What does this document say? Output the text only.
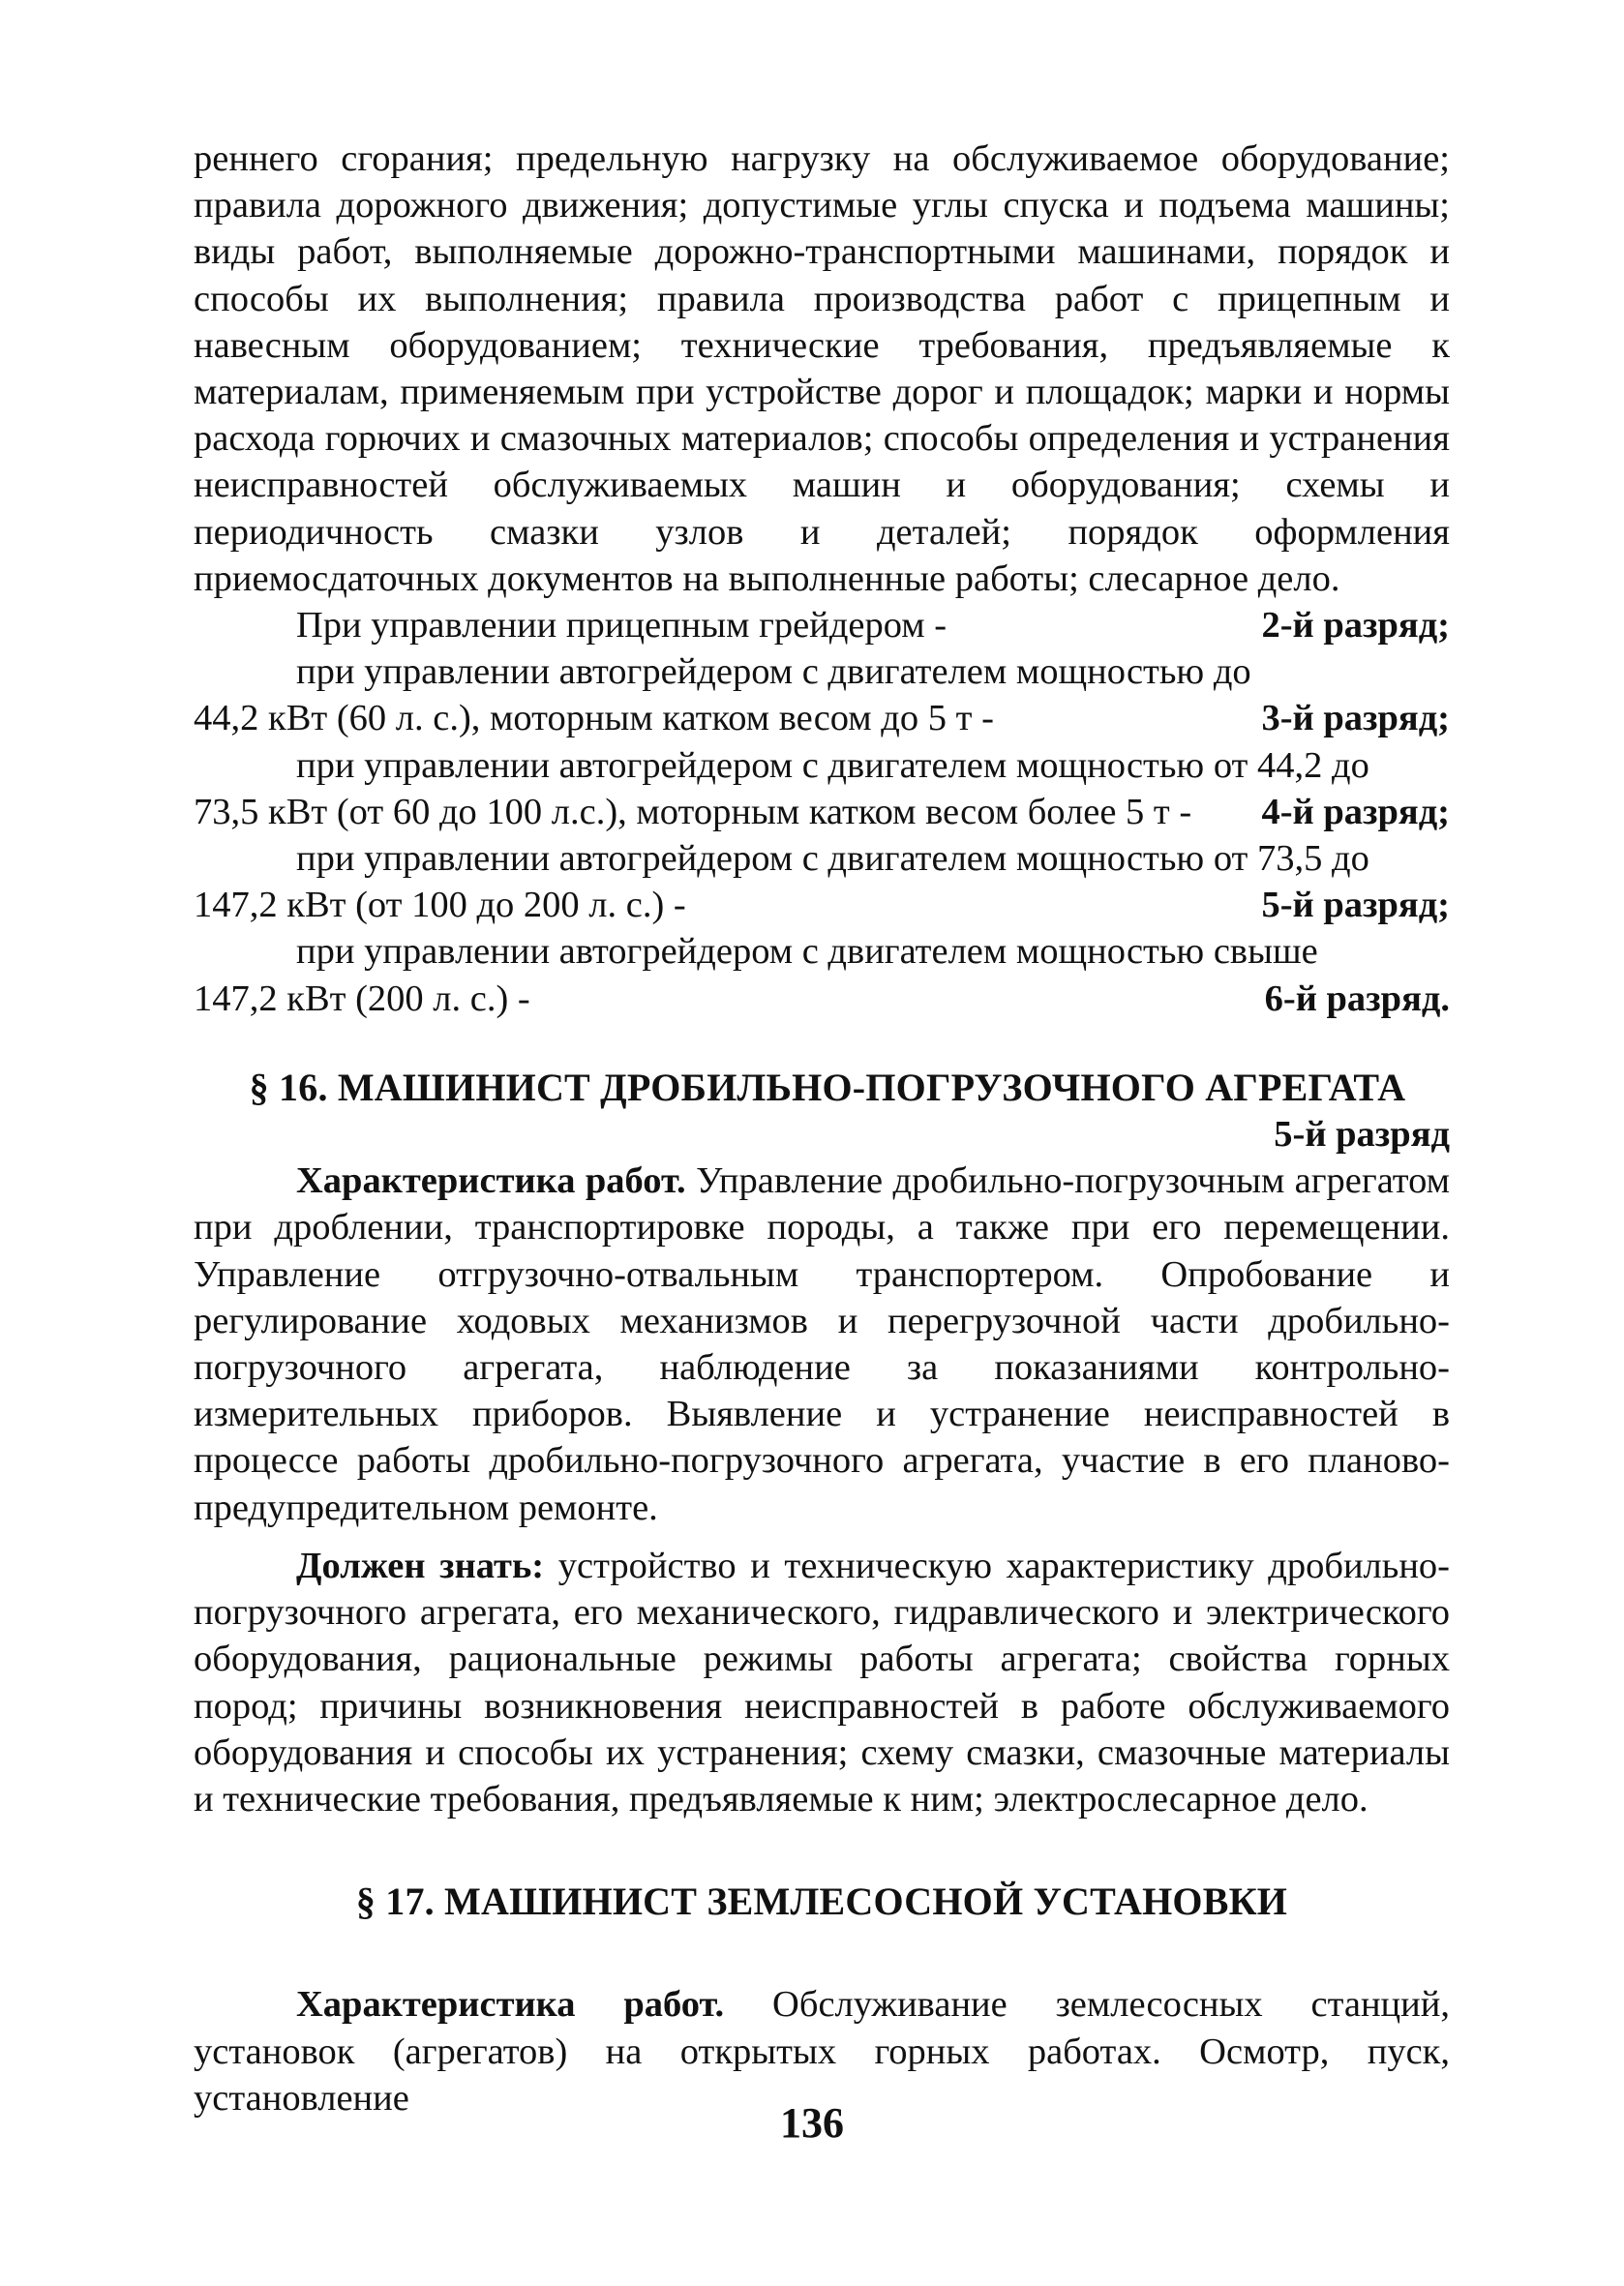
реннего сгорания; предельную нагрузку на обслуживаемое оборудование; правила дорожного движения; допустимые углы спуска и подъема машины; виды работ, выполняемые дорожно-транспортными машинами, порядок и способы их выполнения; правила производства работ с прицепным и навесным оборудованием; технические требования, предъявляемые к материалам, применяемым при устройстве дорог и площадок; марки и нормы расхода горючих и смазочных материалов; способы определения и устранения неисправностей обслуживаемых машин и оборудования; схемы и периодичность смазки узлов и деталей; порядок оформления приемосдаточных документов на выполненные работы; слесарное дело.

При управлении прицепным грейдером -	2-й разряд;

при управлении автогрейдером с двигателем мощностью до

44,2 кВт (60 л. с.), моторным катком весом до 5 т -	3-й разряд;

при управлении автогрейдером с двигателем мощностью от 44,2 до

73,5 кВт (от 60 до 100 л.с.), моторным катком весом более 5 т - 4-й разряд;

при управлении автогрейдером с двигателем мощностью от 73,5 до

147,2 кВт (от 100 до 200 л. с.) -	5-й разряд;

при управлении автогрейдером с двигателем мощностью свыше

147,2 кВт (200 л. с.) -	6-й разряд.
§ 16. МАШИНИСТ ДРОБИЛЬНО-ПОГРУЗОЧНОГО АГРЕГАТА
5-й разряд

Характеристика работ. Управление дробильно-погрузочным агрегатом при дроблении, транспортировке породы, а также при его перемещении. Управление отгрузочно-отвальным транспортером. Опробование и регулирование ходовых механизмов и перегрузочной части дробильно-погрузочного агрегата, наблюдение за показаниями контрольно-измерительных приборов. Выявление и устранение неисправностей в процессе работы дробильно-погрузочного агрегата, участие в его планово-предупредительном ремонте.

Должен знать: устройство и техническую характеристику дробильно-погрузочного агрегата, его механического, гидравлического и электрического оборудования, рациональные режимы работы агрегата; свойства горных пород; причины возникновения неисправностей в работе обслуживаемого оборудования и способы их устранения; схему смазки, смазочные материалы и технические требования, предъявляемые к ним; электрослесарное дело.

§ 17. МАШИНИСТ ЗЕМЛЕСОСНОЙ УСТАНОВКИ

Характеристика работ. Обслуживание землесосных станций, установок (агрегатов) на открытых горных работах. Осмотр, пуск, установление

136
